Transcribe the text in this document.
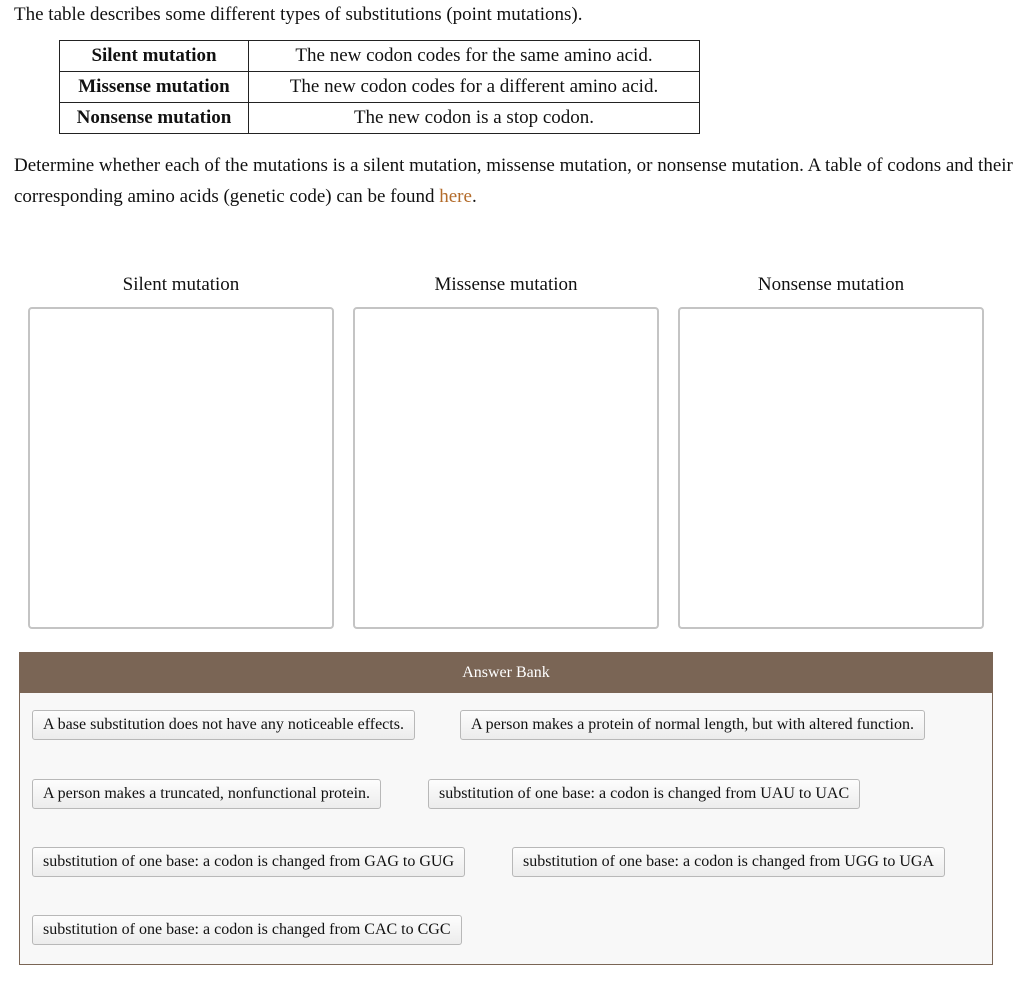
The table describes some different types of substitutions (point mutations).

Silent mutation	The new codon codes for the same amino acid.
Missense mutation	The new codon codes for a different amino acid.
Nonsense mutation	The new codon is a stop codon.

Determine whether each of the mutations is a silent mutation, missense mutation, or nonsense mutation. A table of codons and their corresponding amino acids (genetic code) can be found here.

Silent mutation	Missense mutation	Nonsense mutation
Answer Bank
A base substitution does not have any noticeable effects.	A person makes a protein of normal length, but with altered function.
A person makes a truncated, nonfunctional protein.	substitution of one base: a codon is changed from UAU to UAC
substitution of one base: a codon is changed from GAG to GUG	substitution of one base: a codon is changed from UGG to UGA
substitution of one base: a codon is changed from CAC to CGC
